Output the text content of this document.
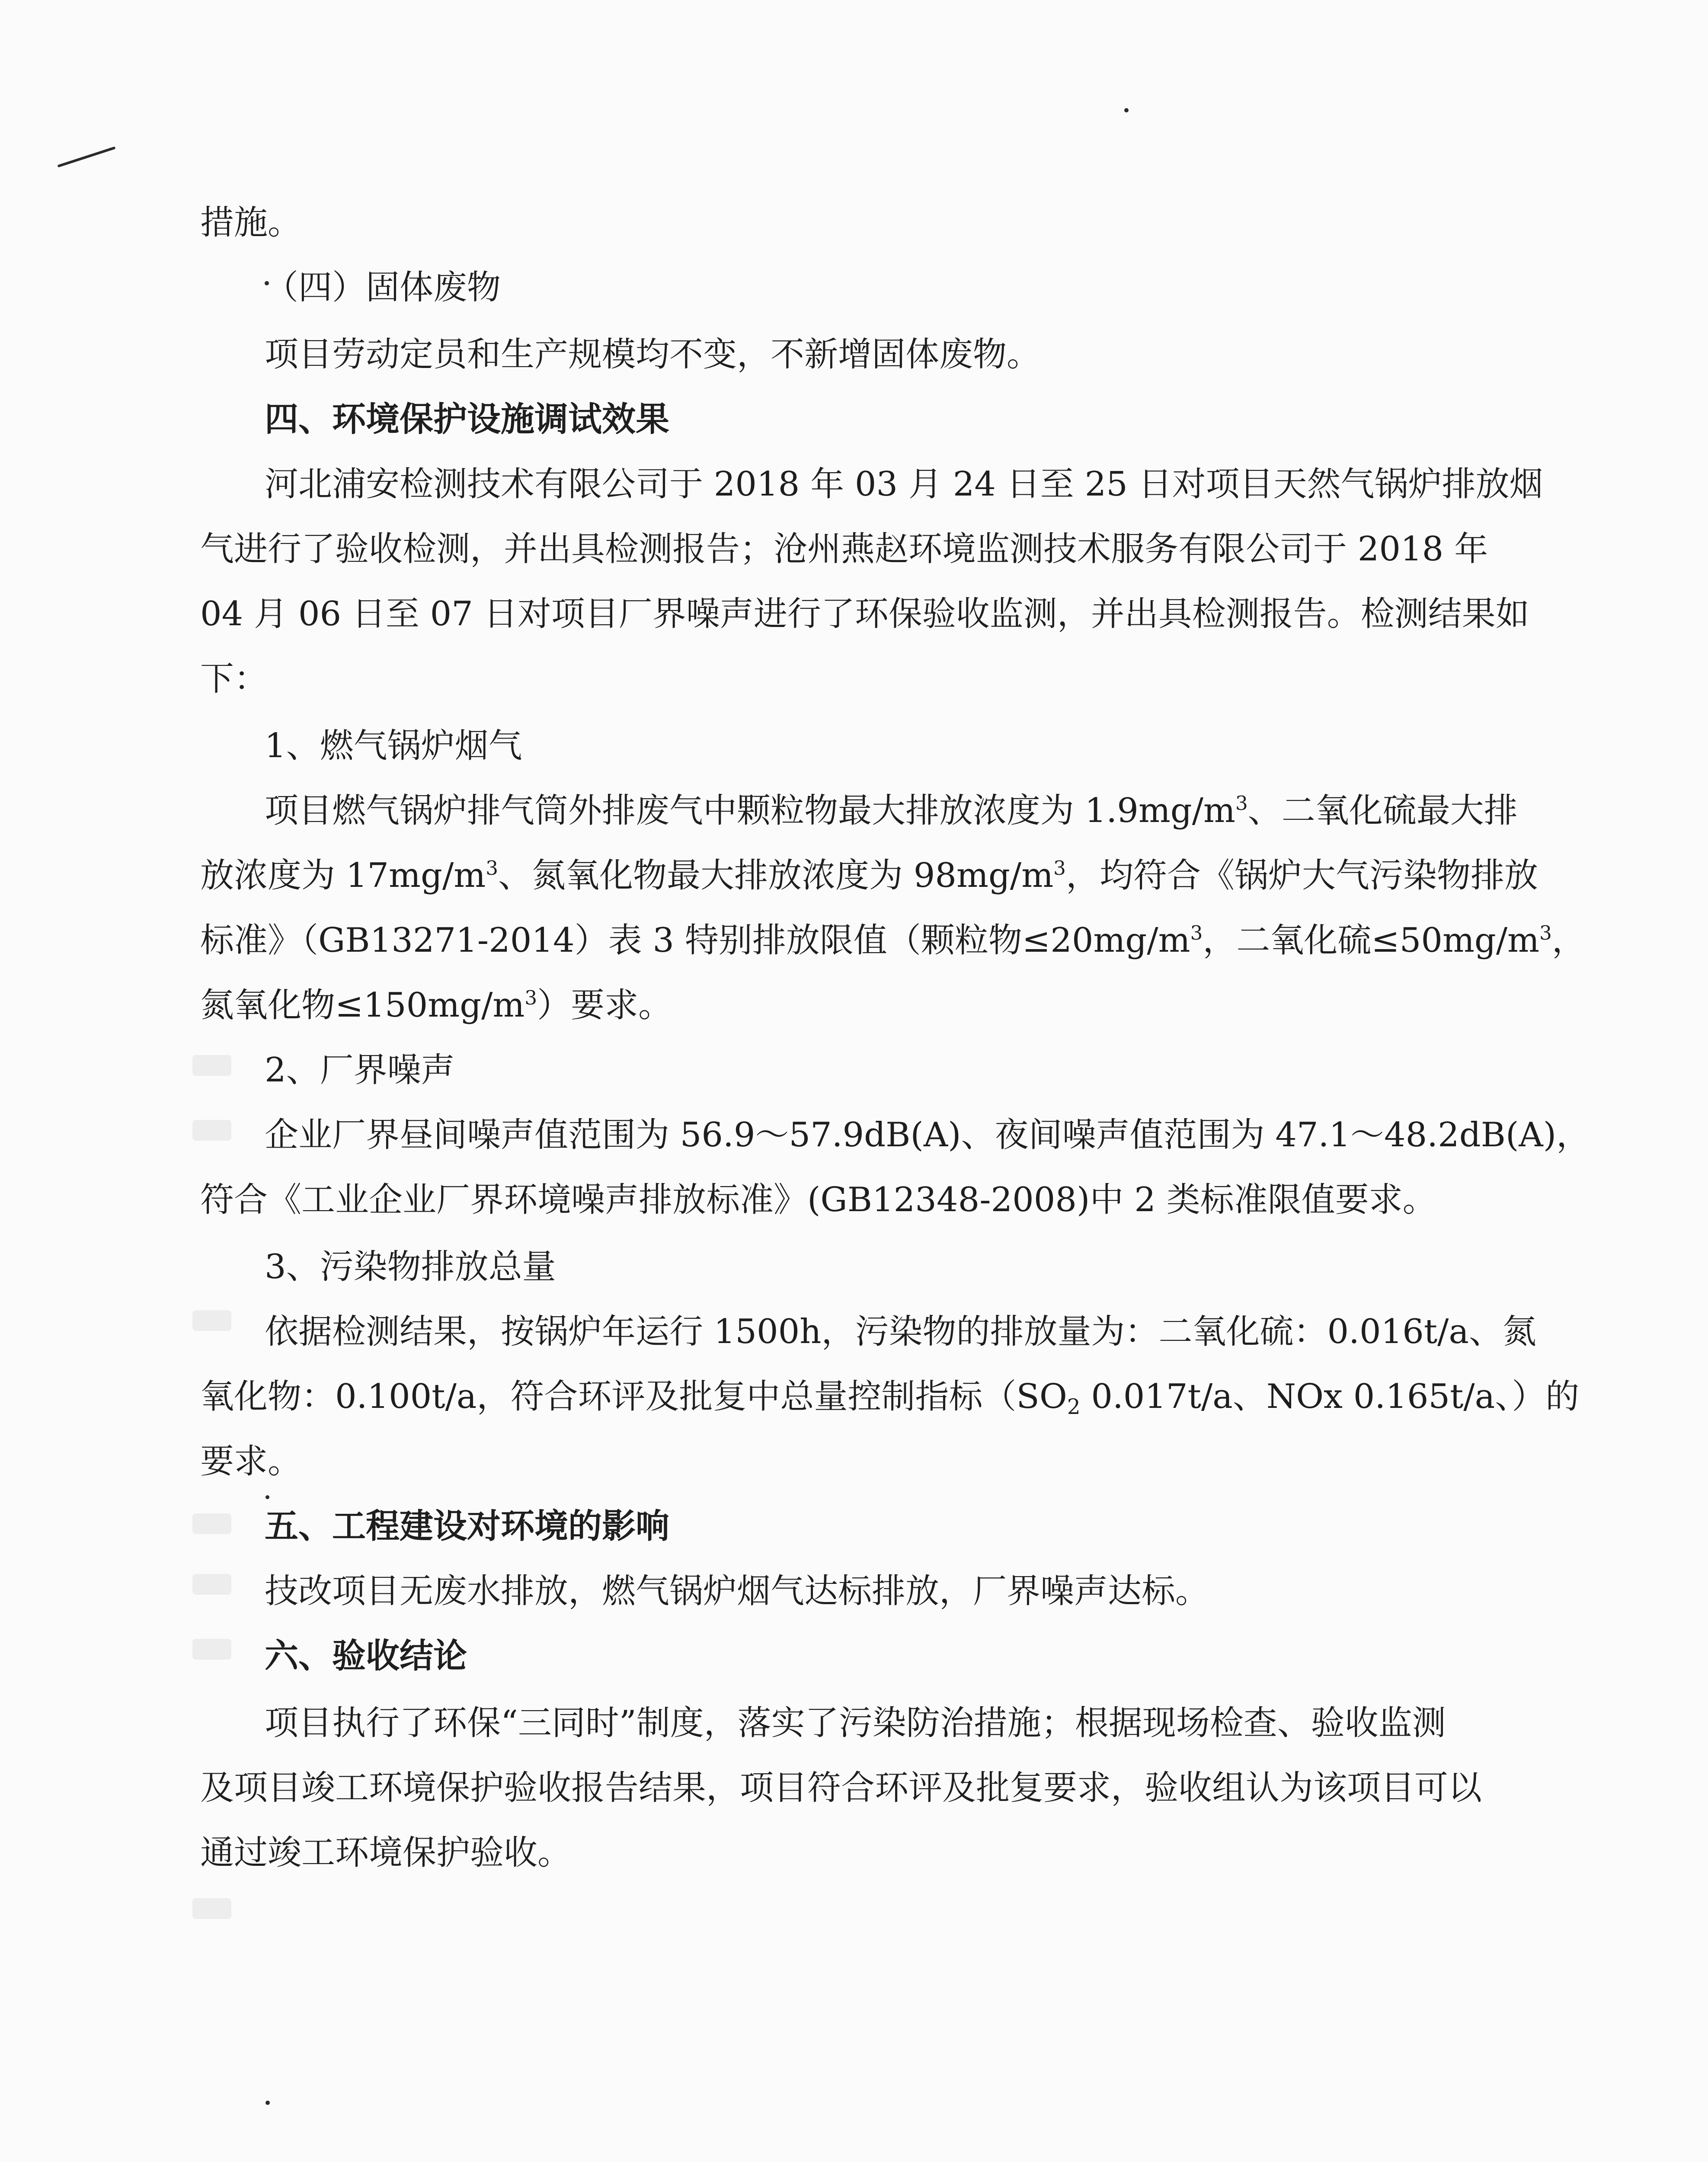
措施。
（四）固体废物
项目劳动定员和生产规模均不变，不新增固体废物。
四、环境保护设施调试效果
河北浦安检测技术有限公司于 2018 年 03 月 24 日至 25 日对项目天然气锅炉排放烟
气进行了验收检测，并出具检测报告；沧州燕赵环境监测技术服务有限公司于 2018 年
04 月 06 日至 07 日对项目厂界噪声进行了环保验收监测，并出具检测报告。检测结果如
下：
1、燃气锅炉烟气
项目燃气锅炉排气筒外排废气中颗粒物最大排放浓度为 $1.9mg/m^3$、二氧化硫最大排
放浓度为 $17mg/m^3$、氮氧化物最大排放浓度为 $98mg/m^3$，均符合《锅炉大气污染物排放
标准》（GB13271-2014）表 3 特别排放限值（颗粒物$\le 20mg/m^3$，二氧化硫$\le 50mg/m^3$，
氮氧化物$\le 150mg/m^3$）要求。
2、厂界噪声
企业厂界昼间噪声值范围为 56.9～57.9dB(A)、夜间噪声值范围为 47.1～48.2dB(A)，
符合《工业企业厂界环境噪声排放标准》(GB12348-2008)中 2 类标准限值要求。
3、污染物排放总量
依据检测结果，按锅炉年运行 1500h，污染物的排放量为：二氧化硫：0.016t/a、氮
氧化物：0.100t/a，符合环评及批复中总量控制指标（$SO_2$ 0.017t/a、NOx 0.165t/a、）的
要求。
五、工程建设对环境的影响
技改项目无废水排放，燃气锅炉烟气达标排放，厂界噪声达标。
六、验收结论
项目执行了环保“三同时”制度，落实了污染防治措施；根据现场检查、验收监测
及项目竣工环境保护验收报告结果，项目符合环评及批复要求，验收组认为该项目可以
通过竣工环境保护验收。
